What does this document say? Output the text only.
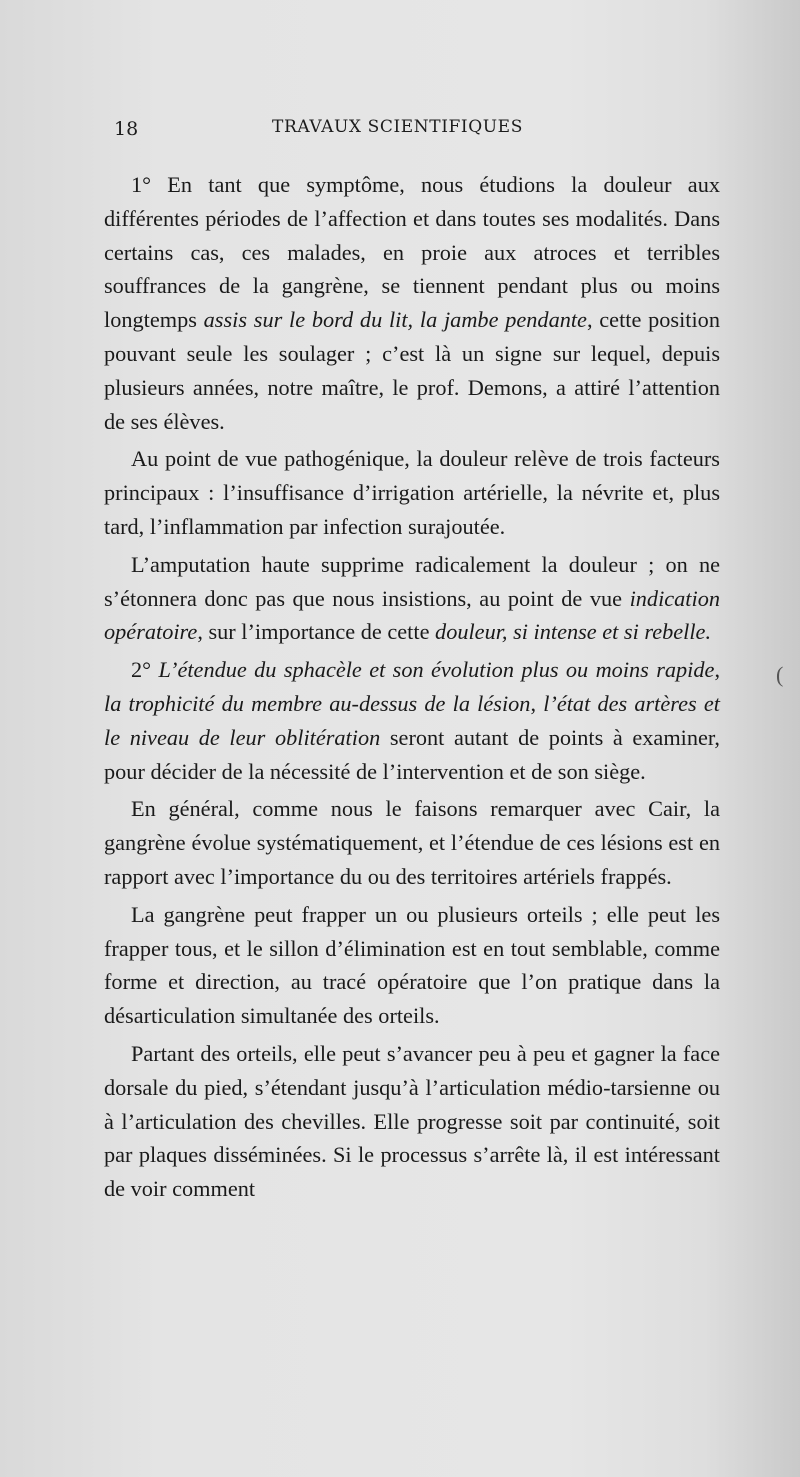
18	TRAVAUX SCIENTIFIQUES

1° En tant que symptôme, nous étudions la douleur aux différentes périodes de l’affection et dans toutes ses modalités. Dans certains cas, ces malades, en proie aux atroces et terribles souffrances de la gangrène, se tiennent pendant plus ou moins longtemps assis sur le bord du lit, la jambe pendante, cette position pouvant seule les soulager ; c’est là un signe sur lequel, depuis plusieurs années, notre maître, le prof. Demons, a attiré l’attention de ses élèves.

Au point de vue pathogénique, la douleur relève de trois facteurs principaux : l’insuffisance d’irrigation artérielle, la névrite et, plus tard, l’inflammation par infection surajoutée.

L’amputation haute supprime radicalement la douleur ; on ne s’étonnera donc pas que nous insistions, au point de vue indication opératoire, sur l’importance de cette douleur, si intense et si rebelle.

2° L’étendue du sphacèle et son évolution plus ou moins rapide, la trophicité du membre au-dessus de la lésion, l’état des artères et le niveau de leur oblitération seront autant de points à examiner, pour décider de la nécessité de l’intervention et de son siège.

En général, comme nous le faisons remarquer avec Cair, la gangrène évolue systématiquement, et l’étendue de ces lésions est en rapport avec l’importance du ou des territoires artériels frappés.

La gangrène peut frapper un ou plusieurs orteils ; elle peut les frapper tous, et le sillon d’élimination est en tout semblable, comme forme et direction, au tracé opératoire que l’on pratique dans la désarticulation simultanée des orteils.

Partant des orteils, elle peut s’avancer peu à peu et gagner la face dorsale du pied, s’étendant jusqu’à l’articulation médio-tarsienne ou à l’articulation des chevilles. Elle progresse soit par continuité, soit par plaques disséminées. Si le processus s’arrête là, il est intéressant de voir comment

(
